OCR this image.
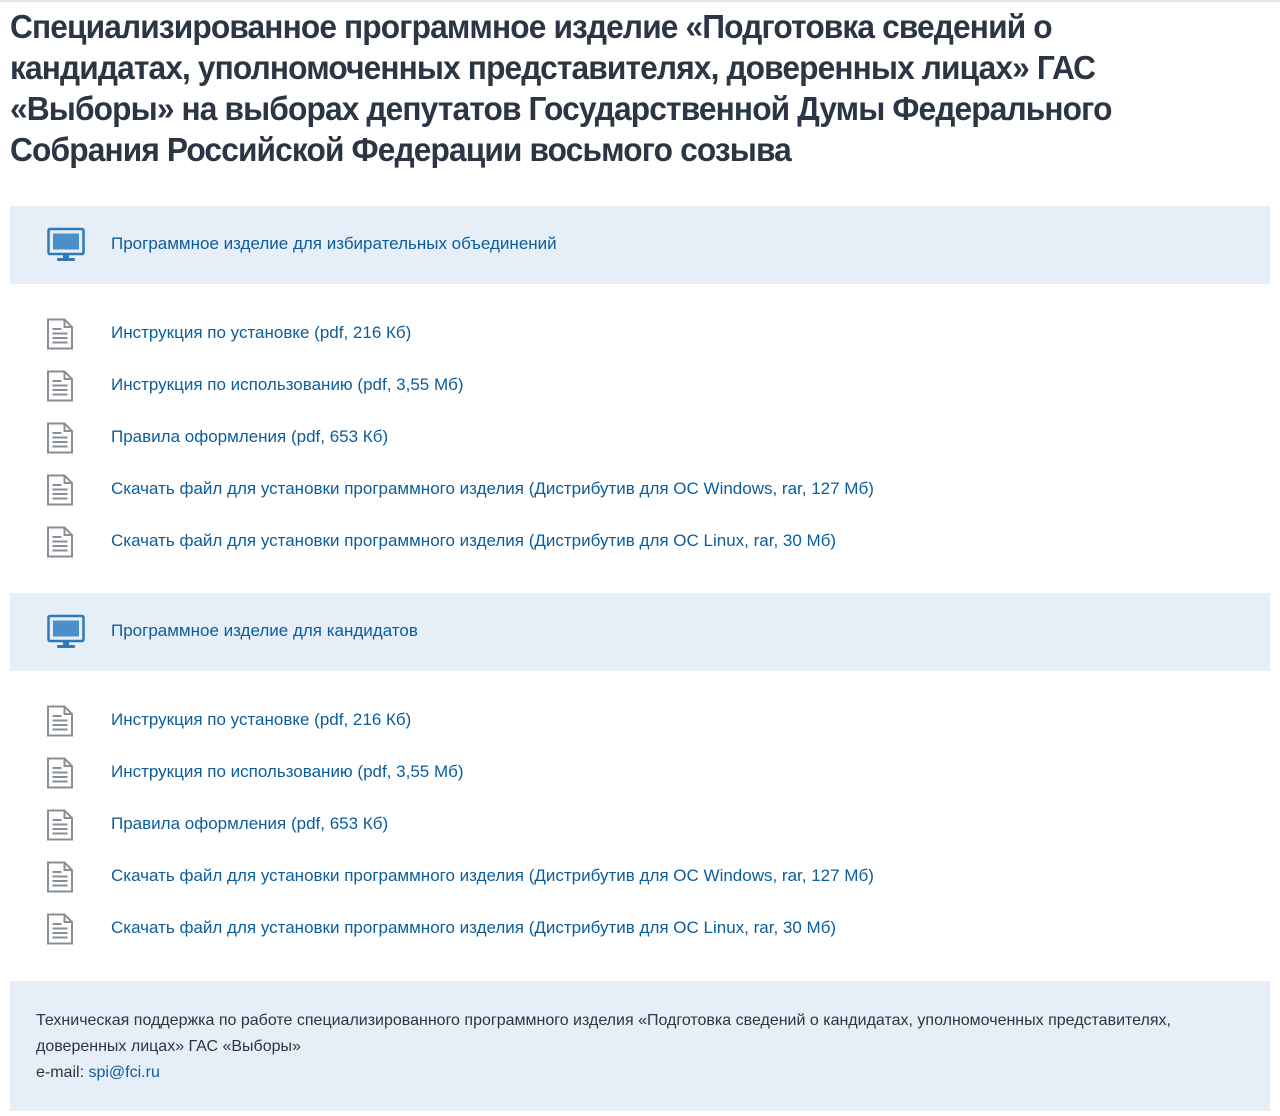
Специализированное программное изделие «Подготовка сведений о кандидатах, уполномоченных представителях, доверенных лицах» ГАС «Выборы» на выборах депутатов Государственной Думы Федерального Собрания Российской Федерации восьмого созыва
Программное изделие для избирательных объединений
Инструкция по установке (pdf, 216 Кб)
Инструкция по использованию (pdf, 3,55 Мб)
Правила оформления (pdf, 653 Кб)
Скачать файл для установки программного изделия (Дистрибутив для ОС Windows, rar, 127 Мб)
Скачать файл для установки программного изделия (Дистрибутив для ОС Linux, rar, 30 Мб)
Программное изделие для кандидатов
Инструкция по установке (pdf, 216 Кб)
Инструкция по использованию (pdf, 3,55 Мб)
Правила оформления (pdf, 653 Кб)
Скачать файл для установки программного изделия (Дистрибутив для ОС Windows, rar, 127 Мб)
Скачать файл для установки программного изделия (Дистрибутив для ОС Linux, rar, 30 Мб)
Техническая поддержка по работе специализированного программного изделия «Подготовка сведений о кандидатах, уполномоченных представителях, доверенных лицах» ГАС «Выборы»
e-mail: spi@fci.ru
